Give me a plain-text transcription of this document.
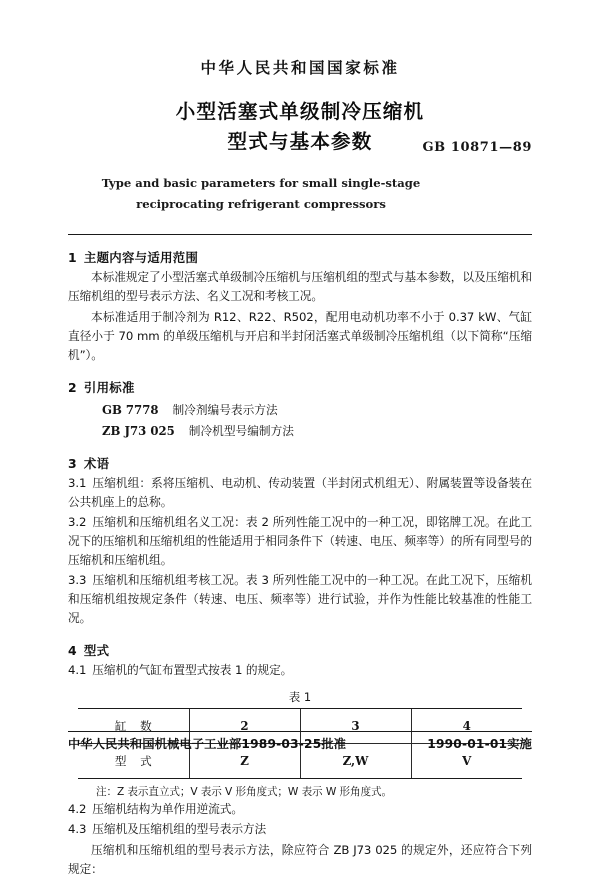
中华人民共和国国家标准
小型活塞式单级制冷压缩机
型式与基本参数	GB 10871—89
Type and basic parameters for small single-stage
reciprocating refrigerant compressors
1 主题内容与适用范围
本标准规定了小型活塞式单级制冷压缩机与压缩机组的型式与基本参数，以及压缩机和压缩机组的型号表示方法、名义工况和考核工况。
本标准适用于制冷剂为 R12、R22、R502，配用电动机功率不小于 0.37 kW、气缸直径小于 70 mm 的单级压缩机与开启和半封闭活塞式单级制冷压缩机组（以下简称“压缩机”）。
2 引用标准
GB 7778 制冷剂编号表示方法
ZB J73 025 制冷机型号编制方法
3 术语
3.1 压缩机组：系将压缩机、电动机、传动装置（半封闭式机组无）、附属装置等设备装在公共机座上的总称。
3.2 压缩机和压缩机组名义工况：表 2 所列性能工况中的一种工况，即铭牌工况。在此工况下的压缩机和压缩机组的性能适用于相同条件下（转速、电压、频率等）的所有同型号的压缩机和压缩机组。
3.3 压缩机和压缩机组考核工况。表 3 所列性能工况中的一种工况。在此工况下，压缩机和压缩机组按规定条件（转速、电压、频率等）进行试验，并作为性能比较基准的性能工况。
4 型式
4.1 压缩机的气缸布置型式按表 1 的规定。
表 1
缸 数	2	3	4
型 式	Z	Z,W	V
注：Z 表示直立式；V 表示 V 形角度式；W 表示 W 形角度式。
4.2 压缩机结构为单作用逆流式。
4.3 压缩机及压缩机组的型号表示方法
压缩机和压缩机组的型号表示方法，除应符合 ZB J73 025 的规定外，还应符合下列规定：
中华人民共和国机械电子工业部1989-03-25批准	1990-01-01实施
